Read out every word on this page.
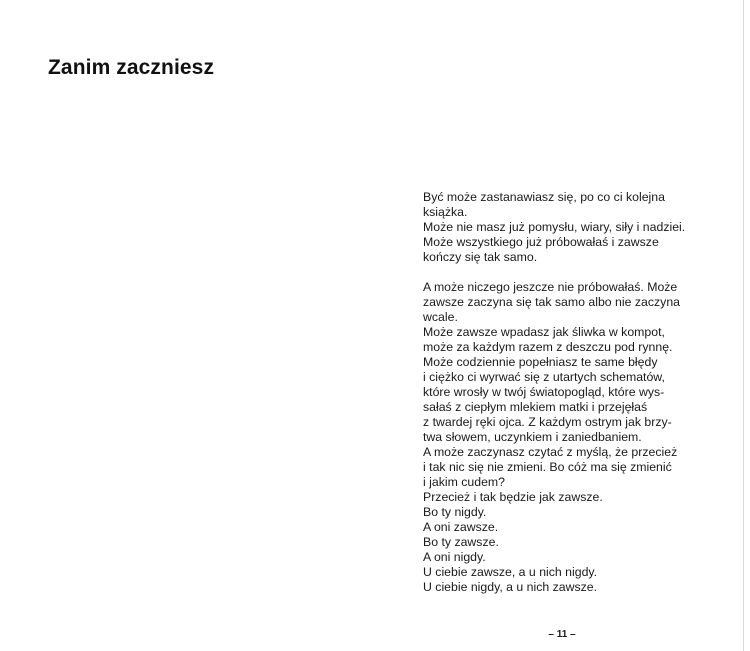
Zanim zaczniesz
Być może zastanawiasz się, po co ci kolejna
książka.
Może nie masz już pomysłu, wiary, siły i nadziei.
Może wszystkiego już próbowałaś i zawsze
kończy się tak samo.
A może niczego jeszcze nie próbowałaś. Może
zawsze zaczyna się tak samo albo nie zaczyna
wcale.
Może zawsze wpadasz jak śliwka w kompot,
może za każdym razem z deszczu pod rynnę.
Może codziennie popełniasz te same błędy
i ciężko ci wyrwać się z utartych schematów,
które wrosły w twój światopogląd, które wys-
sałaś z ciepłym mlekiem matki i przejęłaś
z twardej ręki ojca. Z każdym ostrym jak brzy-
twa słowem, uczynkiem i zaniedbaniem.
A może zaczynasz czytać z myślą, że przecież
i tak nic się nie zmieni. Bo cóż ma się zmienić
i jakim cudem?
Przecież i tak będzie jak zawsze.
Bo ty nigdy.
A oni zawsze.
Bo ty zawsze.
A oni nigdy.
U ciebie zawsze, a u nich nigdy.
U ciebie nigdy, a u nich zawsze.
– 11 –
